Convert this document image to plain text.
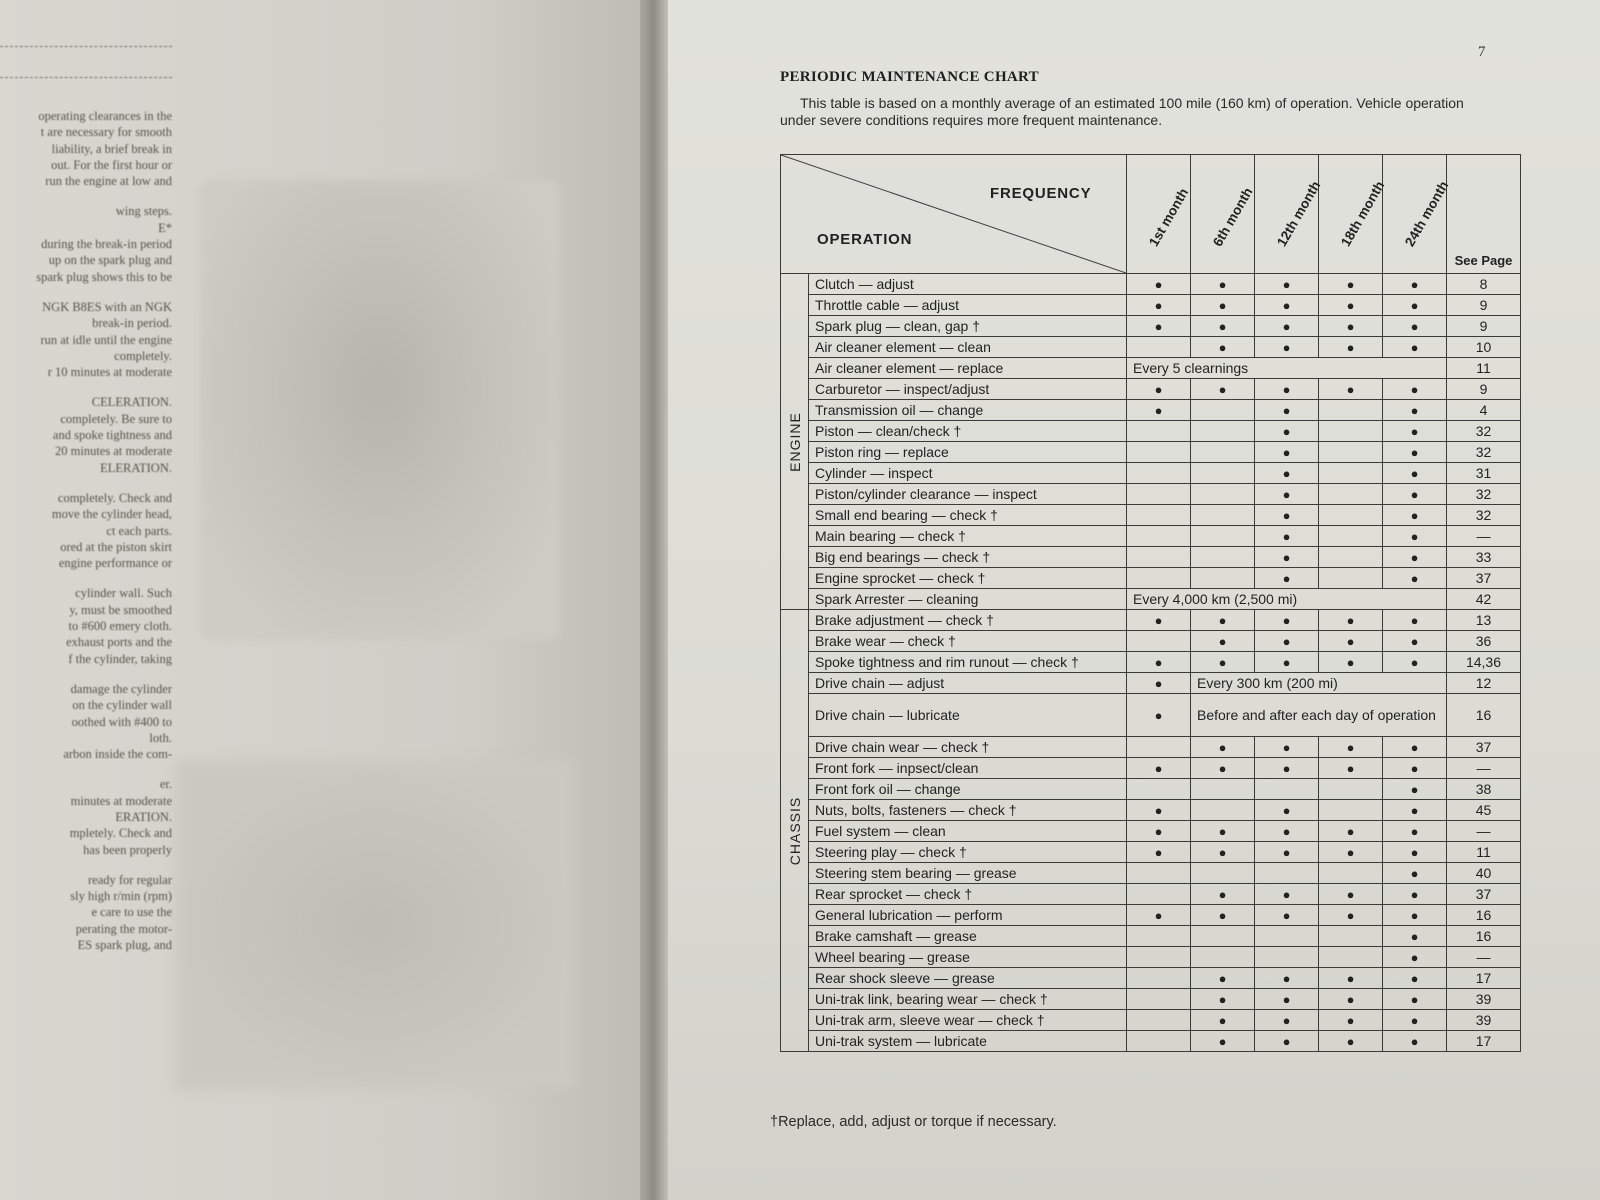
operating clearances in the
t are necessary for smooth
liability, a brief break in
out. For the first hour or
run the engine at low and
wing steps.
E*
during the break-in period
up on the spark plug and
spark plug shows this to be
NGK B8ES with an NGK
break-in period.
run at idle until the engine
completely.
r 10 minutes at moderate
CELERATION.
completely. Be sure to
and spoke tightness and
20 minutes at moderate
ELERATION.
completely. Check and
move the cylinder head,
ct each parts.
ored at the piston skirt
engine performance or
cylinder wall. Such
y, must be smoothed
to #600 emery cloth.
exhaust ports and the
f the cylinder, taking
damage the cylinder
on the cylinder wall
oothed with #400 to
loth.
arbon inside the com-
er.
minutes at moderate
ERATION.
mpletely. Check and
has been properly
ready for regular
sly high r/min (rpm)
e care to use the
perating the motor-
ES spark plug, and
7
PERIODIC MAINTENANCE CHART
This table is based on a monthly average of an estimated 100 mile (160 km) of operation. Vehicle operation under severe conditions requires more frequent maintenance.
FREQUENCY
OPERATION		1st month	6th month	12th month	18th month	24th month	See Page

ENGINE	Clutch — adjust	●	●	●	●	●	8
	Throttle cable — adjust	●	●	●	●	●	9
	Spark plug — clean, gap †	●	●	●	●	●	9
	Air cleaner element — clean		●	●	●	●	10
	Air cleaner element — replace	Every 5 clearnings					11
	Carburetor — inspect/adjust	●	●	●	●	●	9
	Transmission oil — change	●		●		●	4
	Piston — clean/check †			●		●	32
	Piston ring — replace			●		●	32
	Cylinder — inspect			●		●	31
	Piston/cylinder clearance — inspect			●		●	32
	Small end bearing — check †			●		●	32
	Main bearing — check †			●		●	—
	Big end bearings — check †			●		●	33
	Engine sprocket — check †			●		●	37
	Spark Arrester — cleaning	Every 4,000 km (2,500 mi)					42

CHASSIS	Brake adjustment — check †	●	●	●	●	●	13
	Brake wear — check †		●	●	●	●	36
	Spoke tightness and rim runout — check †	●	●	●	●	●	14,36
	Drive chain — adjust	●	Every 300 km (200 mi)				12
	Drive chain — lubricate	●	Before and after each day of operation				16
	Drive chain wear — check †		●	●	●	●	37
	Front fork — inpsect/clean	●	●	●	●	●	—
	Front fork oil — change					●	38
	Nuts, bolts, fasteners — check †	●		●		●	45
	Fuel system — clean	●	●	●	●	●	—
	Steering play — check †	●	●	●	●	●	11
	Steering stem bearing — grease					●	40
	Rear sprocket — check †		●	●	●	●	37
	General lubrication — perform	●	●	●	●	●	16
	Brake camshaft — grease					●	16
	Wheel bearing — grease					●	—
	Rear shock sleeve — grease		●	●	●	●	17
	Uni-trak link, bearing wear — check †		●	●	●	●	39
	Uni-trak arm, sleeve wear — check †		●	●	●	●	39
	Uni-trak system — lubricate		●	●	●	●	17
†Replace, add, adjust or torque if necessary.
